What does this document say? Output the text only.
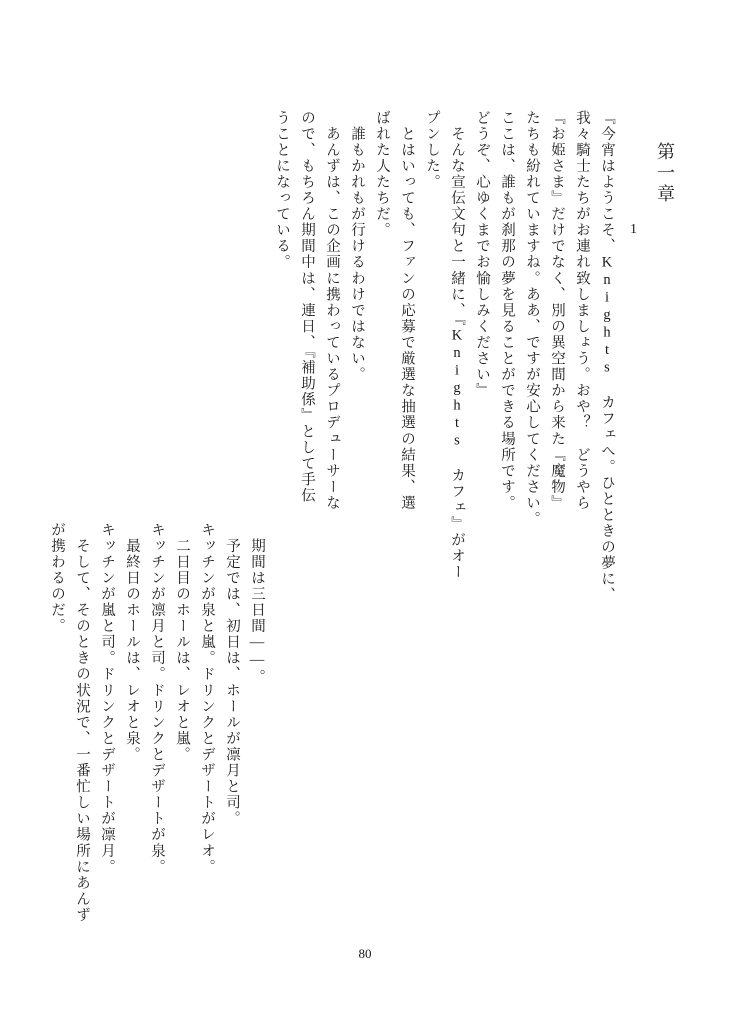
第一章
1
『今宵はようこそ、Knights カフェへ。ひとときの夢に、
我々騎士たちがお連れ致しましょう。おや？　どうやら
『お姫さま』だけでなく、別の異空間から来た『魔物』
たちも紛れていますね。ああ、ですが安心してください。
ここは、誰もが刹那の夢を見ることができる場所です。
どうぞ、心ゆくまでお愉しみください』
　そんな宣伝文句と一緒に、『Knights カフェ』がオー
プンした。
　とはいっても、ファンの応募で厳選な抽選の結果、選
ばれた人たちだ。
　誰もかれもが行けるわけではない。
　あんずは、この企画に携わっているプロデューサーな
ので、もちろん期間中は、連日、『補助係』として手伝
うことになっている。
　期間は三日間――。
　予定では、初日は、ホールが凛月と司。
キッチンが泉と嵐。ドリンクとデザートがレオ。
　二日目のホールは、レオと嵐。
キッチンが凛月と司。ドリンクとデザートが泉。
　最終日のホールは、レオと泉。
キッチンが嵐と司。ドリンクとデザートが凛月。
　そして、そのときの状況で、一番忙しい場所にあんず
が携わるのだ。
80
